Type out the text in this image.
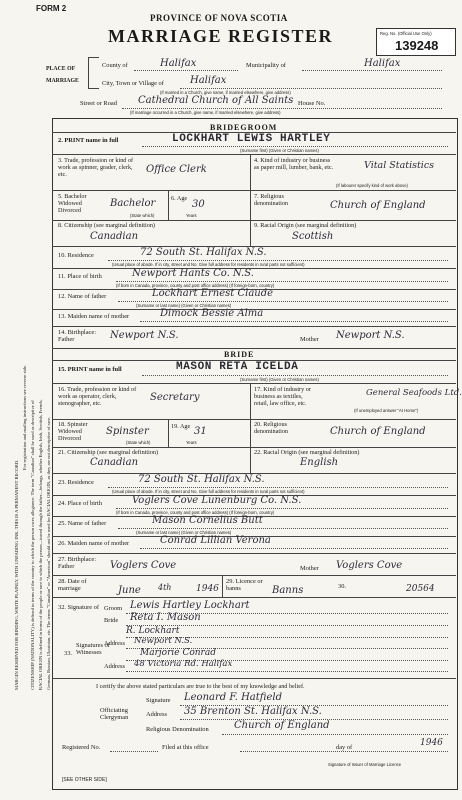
MARGIN RESERVED FOR BINDING. WRITE PLAINLY, WITH UNFADING INK. THIS IS A PERMANENT RECORD.
For registration and mailing instructions see reverse side. CITIZENSHIP (NATIONALITY) is defined in terms of the country to which the person owes allegiance. The term "Canadian" shall be used as descriptive of RACIAL ORIGIN is defined in terms of the people or race to which the person—traced through the father—belongs, whether English, Irish, Scottish, French, German, Russian, Ukrainian, etc. The terms "Canadian" or "American" should not be used for RACIAL ORIGIN, as they are not descriptive of race.
FORM 2
PROVINCE OF NOVA SCOTIA
MARRIAGE REGISTER	Reg. No. (Official Use Only)
139248
PLACE OF MARRIAGE
County of	Halifax	Municipality of	Halifax
City, Town or Village of	Halifax
(If married in a Church, give name, if married elsewhere, give address)
Street or Road Cathedral Church of All Saints House No.
(If marriage occurred in a Church, give name, if married elsewhere, give address)
BRIDEGROOM
2. PRINT name in full	LOCKHART LEWIS HARTLEY
(Surname first) (Given or Christian names)
3. Trade, profession or kind of work as spinner, grader, clerk, etc.	Office Clerk
4. Kind of industry or business as paper mill, lumber, bank, etc.	Vital Statistics
(If labourer specify kind of work above)
5. Bachelor Widowed Divorced
Bachelor
(State which)
6. Age
30
Years
7. Religious denomination	Church of England
8. Citizenship (see marginal definition)
Canadian
9. Racial Origin (see marginal definition)
Scottish
10. Residence	72 South St. Halifax N.S.
(Usual place of abode. If in city, street and No. Give full address for residents in rural parts not sufficient)
11. Place of birth	Newport Hants Co. N.S.
(If born in Canada, province, county and post office address) (If foreign-born, country)
12. Name of father	Lockhart Ernest Claude
(Surname or last name) (Given or Christian names)
13. Maiden name of mother	Dimock Bessie Alma
14. Birthplace: Father	Newport N.S.	Mother Newport N.S.
BRIDE
15. PRINT name in full	MASON RETA ICELDA
(Surname first) (Given or Christian names)
16. Trade, profession or kind of work as operator, clerk, stenographer, etc.
Secretary
17. Kind of industry or business as textiles, retail, law office, etc.
General Seafoods Ltd.
(If unemployed answer "At Home")
18. Spinster Widowed Divorced
Spinster
(State which)
19. Age 31
Years
20. Religious denomination	Church of England
21. Citizenship (see marginal definition)
Canadian
22. Racial Origin (see marginal definition)
English
23. Residence	72 South St. Halifax N.S.
(Usual place of abode. If in city, street and No. Give full address for residents in rural parts not sufficient)
24. Place of birth	Voglers Cove Lunenburg Co. N.S.
(If born in Canada, province, county and post office address) (If foreign-born, country)
25. Name of father	Mason Cornelius Butt
(Surname or last name) (Given or Christian names)
26. Maiden name of mother	Conrad Lillian Verona
27. Birthplace: Father	Voglers Cove	Mother Voglers Cove
28. Date of marriage	June 4th	1946
29. Licence or banns	Banns	30.	20564
32. Signature of Groom Lewis Hartley Lockhart
Bride Reta I. Mason
R. Lockhart
33.
Signatures of Witnesses
Address Newport N.S.
Marjorie Conrad
Address 48 Victoria Rd. Halifax
I certify the above stated particulars are true to the best of my knowledge and belief.
Officiating Clergyman
Signature Leonard F. Hatfield
Address 35 Brenton St. Halifax N.S.
Religious Denomination	Church of England
Registered No.	Filed at this office	day of	1946
Signature of Issuer of Marriage Licence
[SEE OTHER SIDE]
